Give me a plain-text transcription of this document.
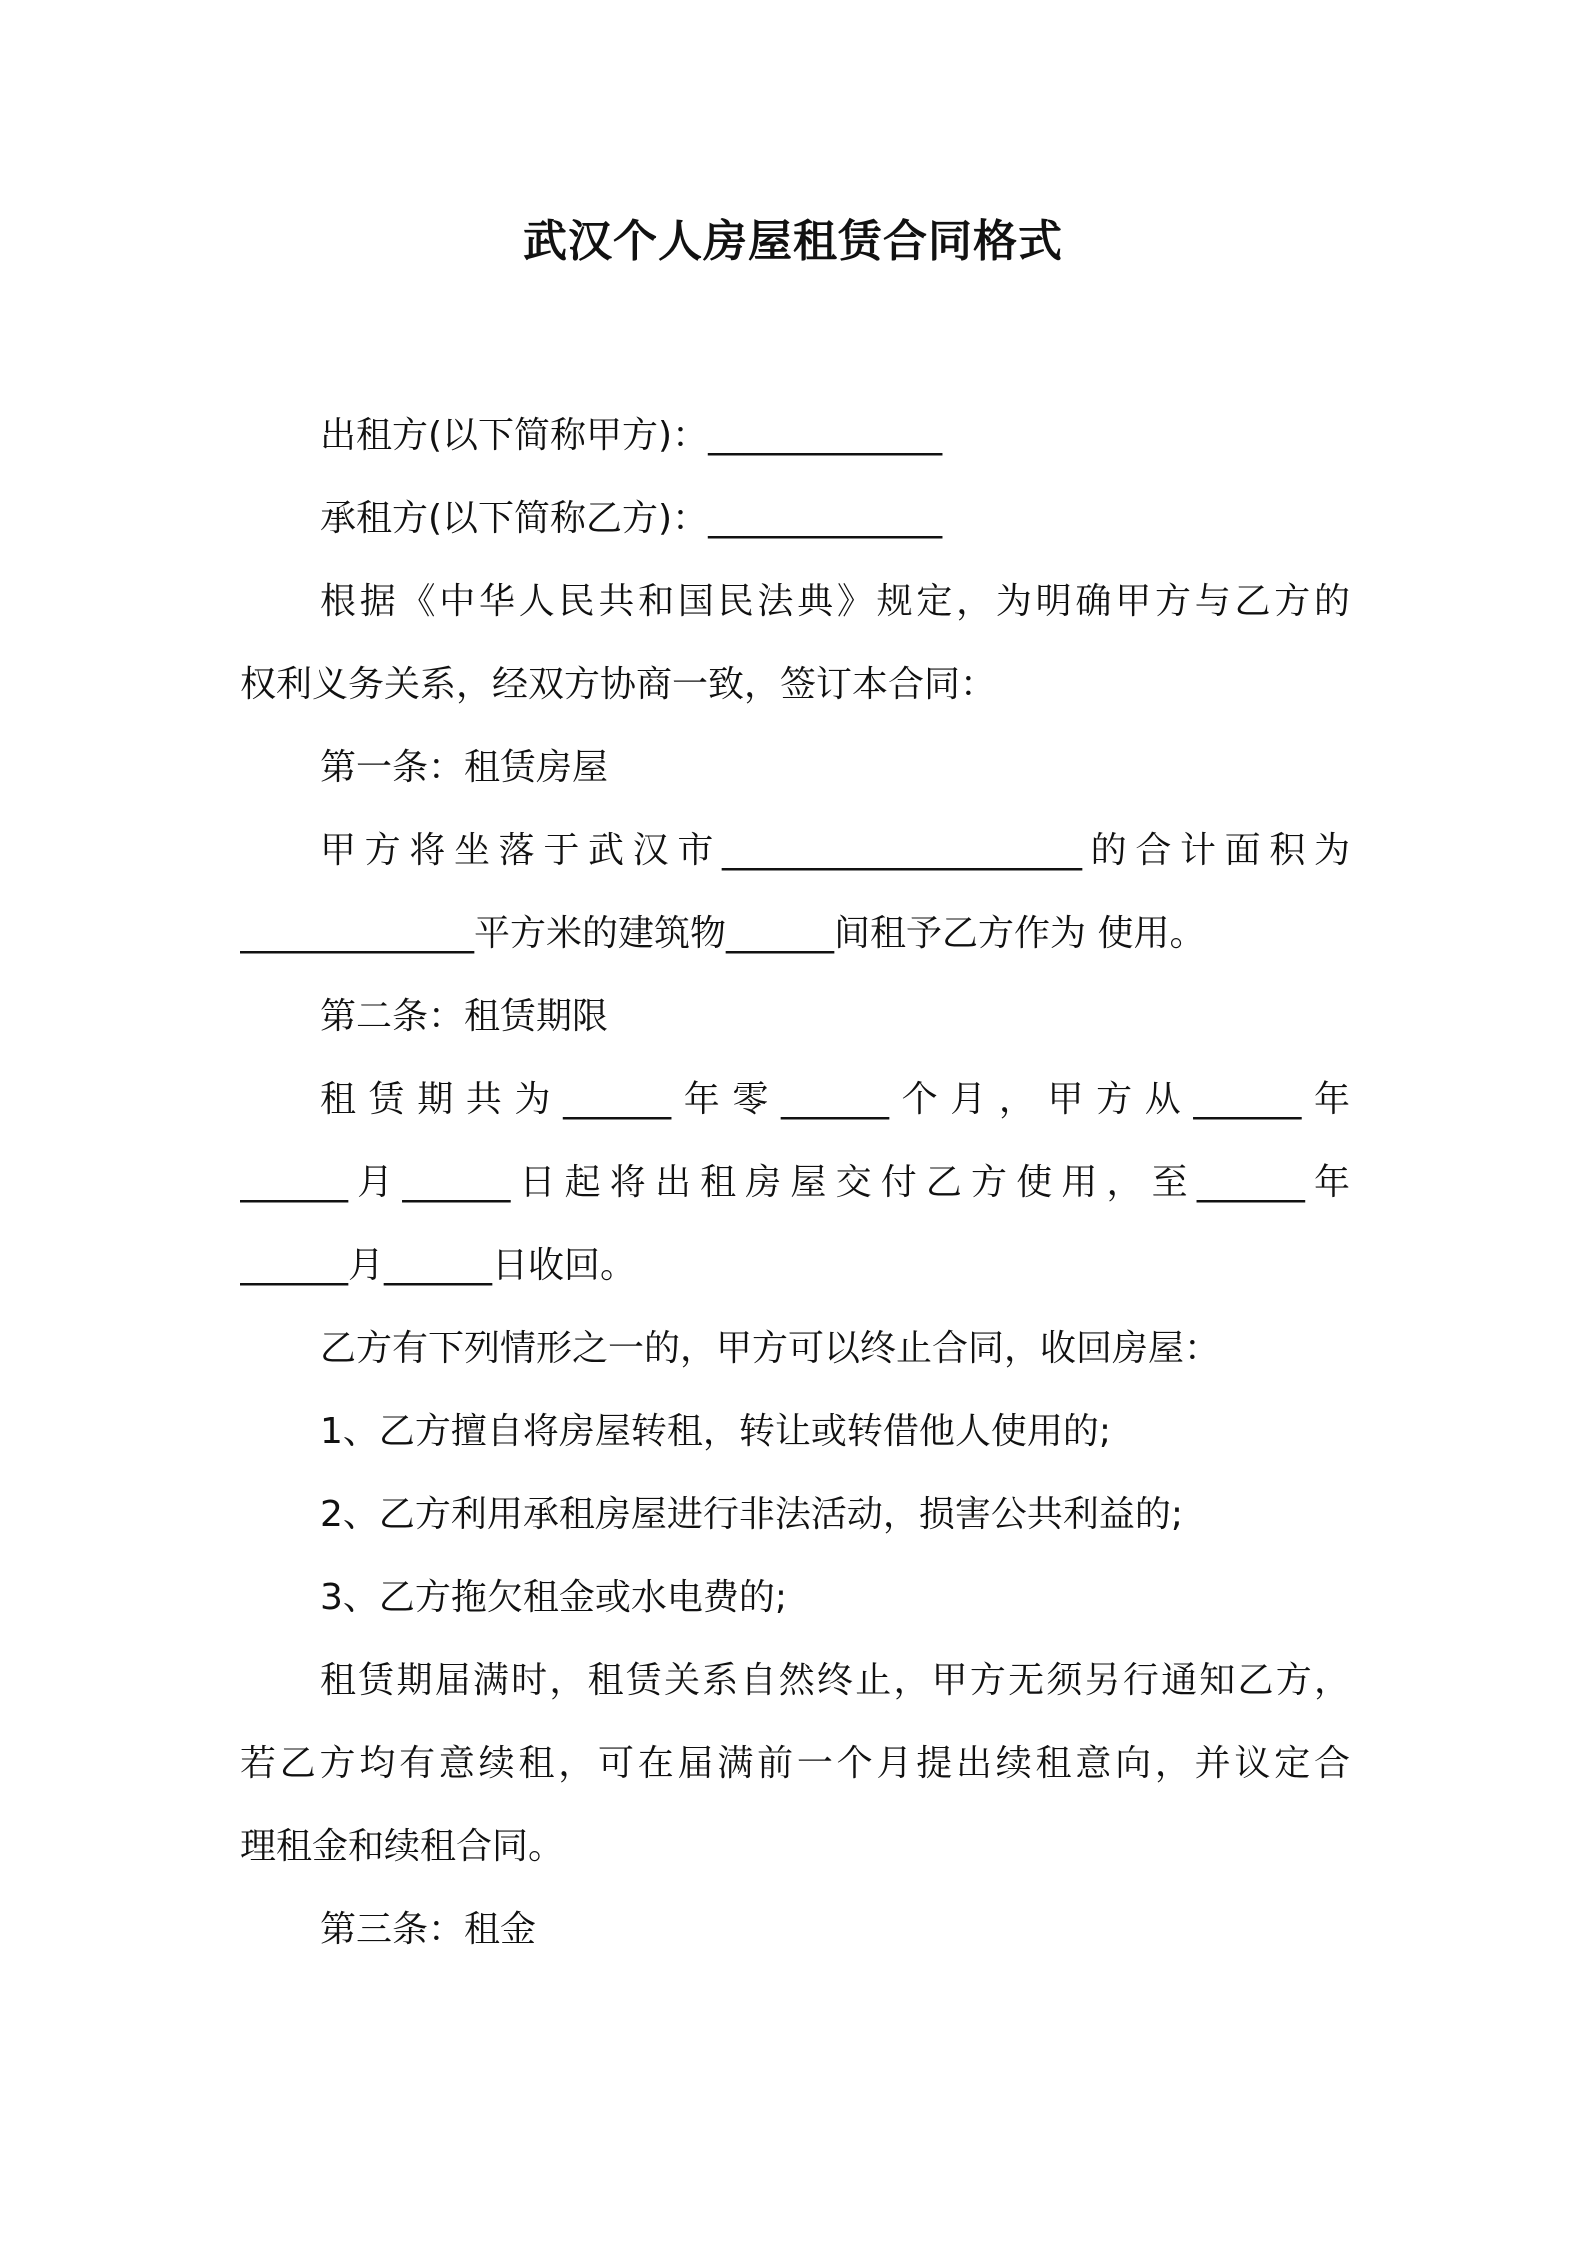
武汉个人房屋租赁合同格式

出租方(以下简称甲方)：_____________

承租方(以下简称乙方)：_____________

根据《中华人民共和国民法典》规定，为明确甲方与乙方的

权利义务关系，经双方协商一致，签订本合同：

第一条：租赁房屋

甲方将坐落于武汉市____________________的合计面积为

_____________平方米的建筑物______间租予乙方作为 使用。

第二条：租赁期限

租赁期共为______年零______个月，甲方从______年

______月______日起将出租房屋交付乙方使用，至______年

______月______日收回。

乙方有下列情形之一的，甲方可以终止合同，收回房屋：

1、乙方擅自将房屋转租，转让或转借他人使用的;

2、乙方利用承租房屋进行非法活动，损害公共利益的;

3、乙方拖欠租金或水电费的;

租赁期届满时，租赁关系自然终止，甲方无须另行通知乙方，

若乙方均有意续租，可在届满前一个月提出续租意向，并议定合

理租金和续租合同。

第三条：租金
